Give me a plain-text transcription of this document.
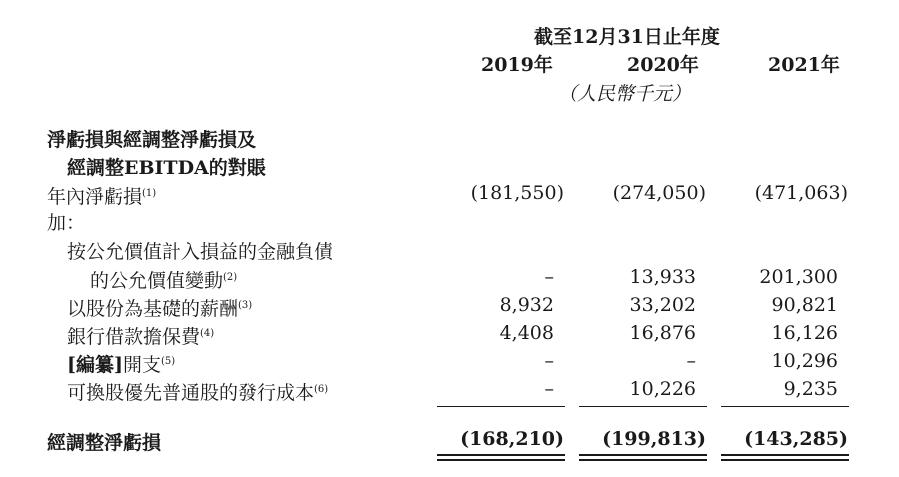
截至12月31日止年度
2019年	2020年	2021年
（人民幣千元）
淨虧損與經調整淨虧損及
經調整EBITDA的對賬
年內淨虧損$^{(1)}$	(181,550)	(274,050)	(471,063)
加：
按公允價值計入損益的金融負債
的公允價值變動$^{(2)}$	–	13,933	201,300
以股份為基礎的薪酬$^{(3)}$	8,932	33,202	90,821
銀行借款擔保費$^{(4)}$	4,408	16,876	16,126
[編纂]開支$^{(5)}$	–	–	10,296
可換股優先普通股的發行成本$^{(6)}$	–	10,226	9,235
經調整淨虧損	(168,210)	(199,813)	(143,285)
